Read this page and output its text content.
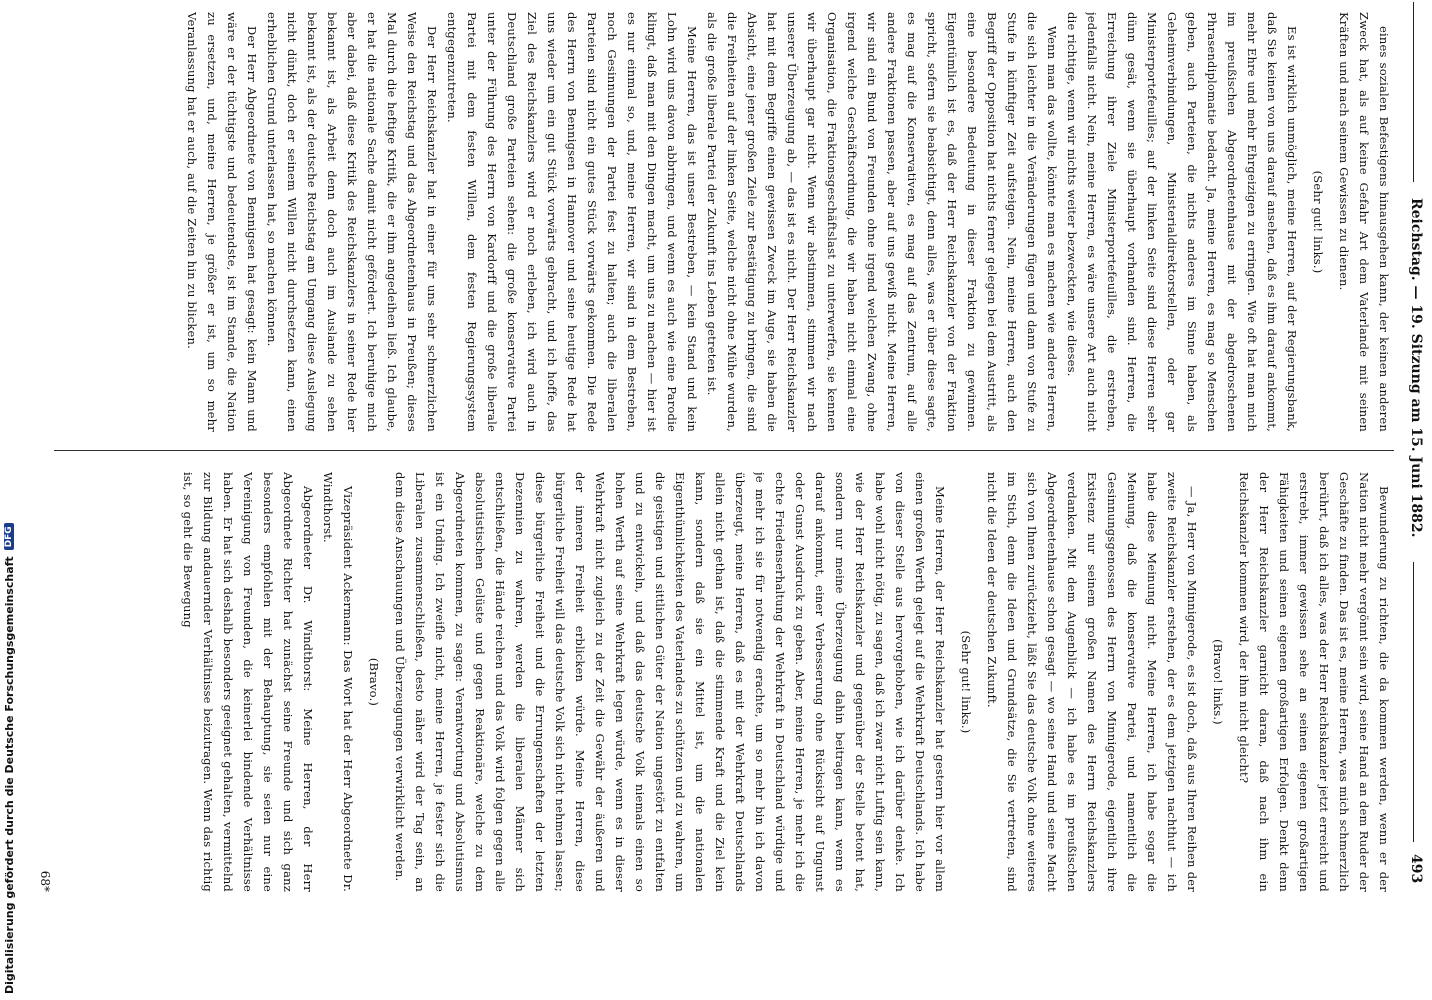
Reichstag. — 19. Sitzung am 15. Juni 1882.
493

eines sozialen Befestigens hinausgehen kann, der keinen anderen Zweck hat, als auf keine Gefahr Art dem Vaterlande mit seinen Kräften und nach seinem Gewissen zu dienen.

(Sehr gut! links.)

Es ist wirklich unmöglich, meine Herren, auf der Regierungsbank, daß Sie keinen von uns darauf ansehen, daß es ihm darauf ankommt, mehr Ehre und mehr Ehrgeizigen zu erringen. Wie oft hat man mich im preußischen Abgeordnetenhause mit der abgedroschenen Phrasendiplomatie bedacht. Ja, meine Herren, es mag so Menschen geben, auch Parteien, die nichts anderes im Sinne haben, als Geheimverbindungen, Ministerialdirektorstellen, oder gar Ministerportefeuilles; auf der linken Seite sind diese Herren sehr dünn gesät, wenn sie überhaupt vorhanden sind. Herren, die Erreichung ihrer Ziele Ministerportefeuilles, die erstreben, jedenfalls nicht. Nein, meine Herren, es wäre unsere Art auch nicht die richtige, wenn wir nichts weiter bezweckten, wie dieses.

Wenn man das wollte, könnte man es machen wie andere Herren, die sich leichter in die Veränderungen fügen und dann von Stufe zu Stufe in künftiger Zeit aufsteigen. Nein, meine Herren, auch den Begriff der Opposition hat nichts ferner gelegen bei dem Austritt, als eine besondere Bedeutung in dieser Fraktion zu gewinnen. Eigentümlich ist es, daß der Herr Reichskanzler von der Fraktion spricht, sofern sie beabsichtigt, denn alles, was er über diese sagte, es mag auf die Konservativen, es mag auf das Zentrum, auf alle andere Fraktionen passen, aber auf uns gewiß nicht. Meine Herren, wir sind ein Bund von Freunden ohne irgend welchen Zwang, ohne irgend welche Geschäftsordnung, die wir haben nicht einmal eine Organisation, die Fraktionsgeschäftslast zu unterwerfen, sie kennen wir überhaupt gar nicht. Wenn wir abstimmen, stimmen wir nach unserer Überzeugung ab, — das ist es nicht. Der Herr Reichskanzler hat mit dem Begriffe einen gewissen Zweck im Auge, sie haben die Absicht, eine jener großen Ziele zur Bestätigung zu bringen, die sind die Freiheiten auf der linken Seite, welche nicht ohne Mühe wurden, als die große liberale Partei der Zukunft ins Leben getreten ist.

Meine Herren, das ist unser Bestreben, — kein Stand und kein Lohn wird uns davon abbringen, und wenn es auch wie eine Parodie klingt, daß man mit den Dingen macht, um uns zu machen — hier ist es nur einmal so, und, meine Herren, wir sind in dem Bestreben, noch Gesinnungen der Partei fest zu halten; auch die liberalen Parteien sind nicht ein gutes Stück vorwärts gekommen. Die Rede des Herrn von Bennigsen in Hannover und seine heutige Rede hat uns wieder um ein gut Stück vorwärts gebracht, und ich hoffe, das Ziel des Reichskanzlers wird er noch erleben, ich wird auch in Deutschland große Parteien sehen: die große konservative Partei unter der Führung des Herrn von Kardorff und die große liberale Partei mit dem festen Willen, dem festen Regierungssystem entgegenzutreten.

Der Herr Reichskanzler hat in einer für uns sehr schmerzlichen Weise den Reichstag und das Abgeordnetenhaus in Preußen; dieses Mal durch die heftige Kritik, die er ihm angedeihen ließ. Ich glaube, er hat die nationale Sache damit nicht gefördert. Ich beruhige mich aber dabei, daß diese Kritik des Reichskanzlers in seiner Rede hier bekannt ist, als Arbeit denn doch auch im Auslande zu sehen bekannt ist, als der deutsche Reichstag am Umgang diese Auslegung nicht dünkt, doch er seinem Willen nicht durchsetzen kann, einen erheblichen Grund unterlassen hat, so machen können.

Der Herr Abgeordnete von Bennigsen hat gesagt: kein Mann und wäre er der tüchtigste und bedeutendste, ist im Stande, die Nation zu ersetzen, und, meine Herren, je größer er ist, um so mehr Veranlassung hat er auch, auf die Zeiten hin zu blicken.

Bewunderung zu richten, die da kommen werden, wenn er der Nation nicht mehr vergönnt sein wird, seine Hand an dem Ruder der Geschäfte zu finden. Das ist es, meine Herren, was mich schmerzlich berührt, daß ich alles, was der Herr Reichskanzler jetzt erreicht und erstrebt, immer gewissen sehe an seinen eigenen großartigen Fähigkeiten und seinen eigenen großartigen Erfolgen. Denkt denn der Herr Reichskanzler garnicht daran, daß nach ihm ein Reichskanzler kommen wird, der ihm nicht gleicht?

(Bravo! links.)

— Ja, Herr von Minnigerode, es ist doch, daß aus Ihren Reihen der zweite Reichskanzler erstehen, der es dem jetzigen nachthut — ich habe diese Meinung nicht. Meine Herren, ich habe sogar die Meinung, daß die konservative Partei, und namentlich die Gesinnungsgenossen des Herrn von Minnigerode, eigentlich ihre Existenz nur seinem großen Namen des Herrn Reichskanzlers verdanken. Mit dem Augenblick — ich habe es im preußischen Abgeordnetenhause schon gesagt — wo seine Hand und seine Macht sich von Ihnen zurückzieht, läßt Sie das deutsche Volk ohne weiteres im Stich, denn die Ideen und Grundsätze, die Sie vertreten, sind nicht die Ideen der deutschen Zukunft.

(Sehr gut! links.)

Meine Herren, der Herr Reichskanzler hat gestern hier vor allem einen großen Werth gelegt auf die Wehrkraft Deutschlands. Ich habe von dieser Stelle aus hervorgehoben, wie ich darüber denke. Ich habe wohl nicht nötig, zu sagen, daß ich zwar nicht Luftig sein kann, wie der Herr Reichskanzler und gegenüber der Stelle betont hat, sondern nur meine Überzeugung dahin beitragen kann, wenn es darauf ankommt, einer Verbesserung ohne Rücksicht auf Ungunst oder Gunst Ausdruck zu geben. Aber, meine Herren, je mehr ich die echte Friedenserhaltung der Wehrkraft in Deutschland würdige und je mehr ich sie für notwendig erachte, um so mehr bin ich davon überzeugt, meine Herren, daß es mit der Wehrkraft Deutschlands allein nicht gethan ist, daß die stimmende Kraft und die Ziel kein kann, sondern daß sie ein Mittel ist, um die nationalen Eigenthümlichkeiten des Vaterlandes zu schützen und zu wahren, um die geistigen und sittlichen Güter der Nation ungestört zu entfalten und zu entwickeln, und daß das deutsche Volk niemals einen so hohen Werth auf seine Wehrkraft legen würde, wenn es in dieser Wehrkraft nicht zugleich zu der Zeit die Gewähr der äußeren und der inneren Freiheit erblicken würde. Meine Herren, diese bürgerliche Freiheit will das deutsche Volk sich nicht nehmen lassen; diese bürgerliche Freiheit und die Errungenschaften der letzten Dezennien zu wahren, werden die liberalen Männer sich entschließen, die Hände reichen und das Volk wird folgen gegen alle absolutistischen Gelüste und gegen Reaktionäre, welche zu dem Abgeordneten kommen, zu sagen: Verantwortung und Absolutismus ist ein Unding. Ich zweifle nicht, meine Herren, je fester sich die Liberalen zusammenschließen, desto näher wird der Tag sein, an dem diese Anschauungen und Überzeugungen verwirklicht werden.

(Bravo.)

Vizepräsident Ackermann: Das Wort hat der Herr Abgeordnete Dr. Windthorst.

Abgeordneter Dr. Windthorst: Meine Herren, der Herr Abgeordnete Richter hat zunächst seine Freunde und sich ganz besonders empfohlen mit der Behauptung, sie seien nur eine Vereinigung von Freunden, die keinerlei bindende Verhältnisse haben. Er hat sich deshalb besonders geeignet gehalten, vermittelnd zur Bildung andauernder Verhältnisse beizutragen. Wenn das richtig ist, so geht die Bewegung

68*
Digitalisierung gefördert durch die Deutsche Forschungsgemeinschaft
DFG
